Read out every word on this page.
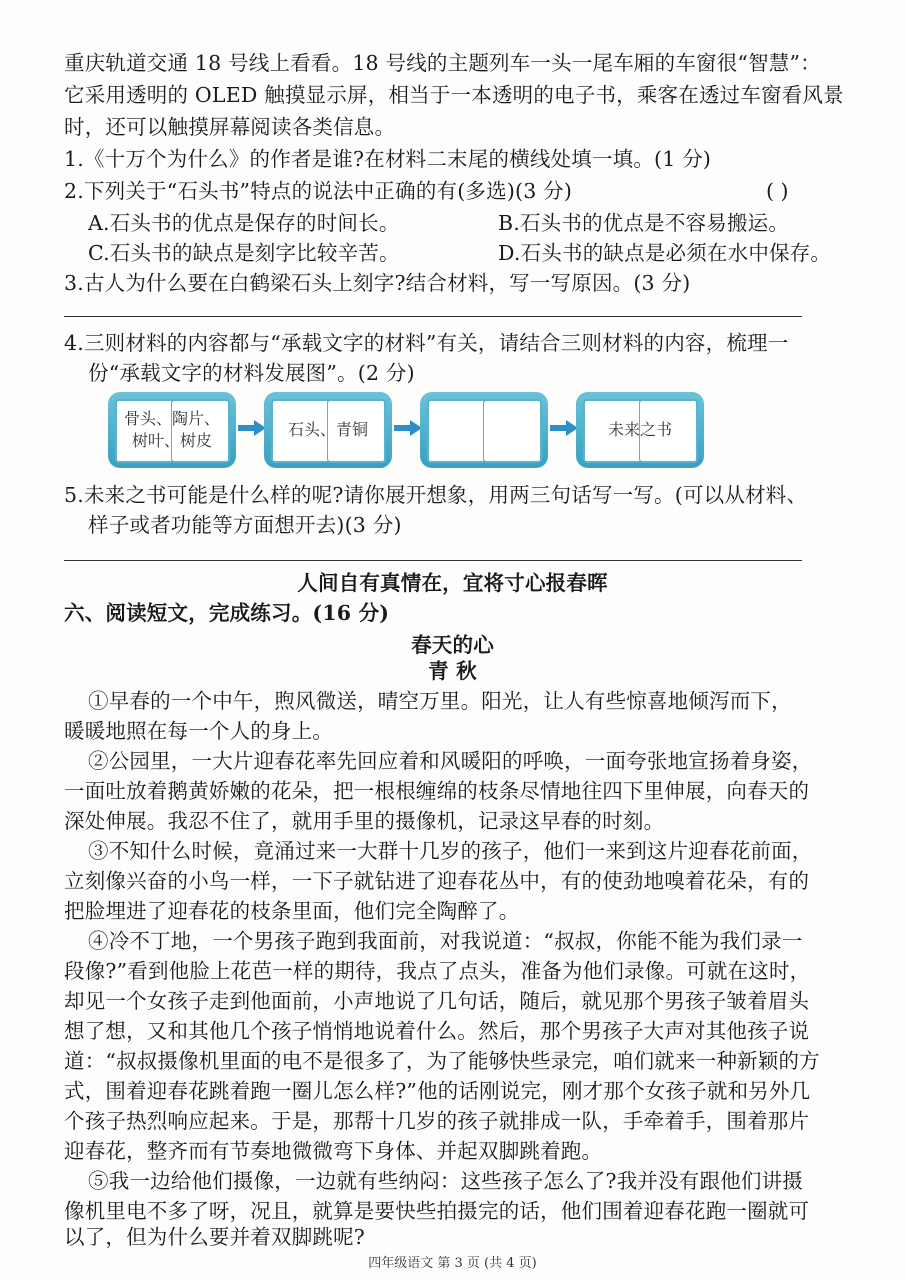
重庆轨道交通 18 号线上看看。18 号线的主题列车一头一尾车厢的车窗很“智慧”：
它采用透明的 OLED 触摸显示屏，相当于一本透明的电子书，乘客在透过车窗看风景
时，还可以触摸屏幕阅读各类信息。
1.《十万个为什么》的作者是谁?在材料二末尾的横线处填一填。(1 分)
2.下列关于“石头书”特点的说法中正确的有(多选)(3 分)	( )
A.石头书的优点是保存的时间长。	B.石头书的优点是不容易搬运。
C.石头书的缺点是刻字比较辛苦。	D.石头书的缺点是必须在水中保存。
3.古人为什么要在白鹤梁石头上刻字?结合材料，写一写原因。(3 分)
4.三则材料的内容都与“承载文字的材料”有关，请结合三则材料的内容，梳理一
份“承载文字的材料发展图”。(2 分)
骨头、陶片、
树叶、树皮
石头、青铜	未来之书
5.未来之书可能是什么样的呢?请你展开想象，用两三句话写一写。(可以从材料、
样子或者功能等方面想开去)(3 分)
人间自有真情在，宜将寸心报春晖
六、阅读短文，完成练习。(16 分)
春天的心
青 秋
①早春的一个中午，煦风微送，晴空万里。阳光，让人有些惊喜地倾泻而下，
暖暖地照在每一个人的身上。
②公园里，一大片迎春花率先回应着和风暖阳的呼唤，一面夸张地宣扬着身姿，
一面吐放着鹅黄娇嫩的花朵，把一根根缠绵的枝条尽情地往四下里伸展，向春天的
深处伸展。我忍不住了，就用手里的摄像机，记录这早春的时刻。
③不知什么时候，竟涌过来一大群十几岁的孩子，他们一来到这片迎春花前面，
立刻像兴奋的小鸟一样，一下子就钻进了迎春花丛中，有的使劲地嗅着花朵，有的
把脸埋进了迎春花的枝条里面，他们完全陶醉了。
④冷不丁地，一个男孩子跑到我面前，对我说道：“叔叔，你能不能为我们录一
段像?”看到他脸上花芭一样的期待，我点了点头，准备为他们录像。可就在这时，
却见一个女孩子走到他面前，小声地说了几句话，随后，就见那个男孩子皱着眉头
想了想，又和其他几个孩子悄悄地说着什么。然后，那个男孩子大声对其他孩子说
道：“叔叔摄像机里面的电不是很多了，为了能够快些录完，咱们就来一种新颖的方
式，围着迎春花跳着跑一圈儿怎么样?”他的话刚说完，刚才那个女孩子就和另外几
个孩子热烈响应起来。于是，那帮十几岁的孩子就排成一队，手牵着手，围着那片
迎春花，整齐而有节奏地微微弯下身体、并起双脚跳着跑。
⑤我一边给他们摄像，一边就有些纳闷：这些孩子怎么了?我并没有跟他们讲摄
像机里电不多了呀，况且，就算是要快些拍摄完的话，他们围着迎春花跑一圈就可
四年级语文 第 3 页 (共 4 页)
以了，但为什么要并着双脚跳呢?
